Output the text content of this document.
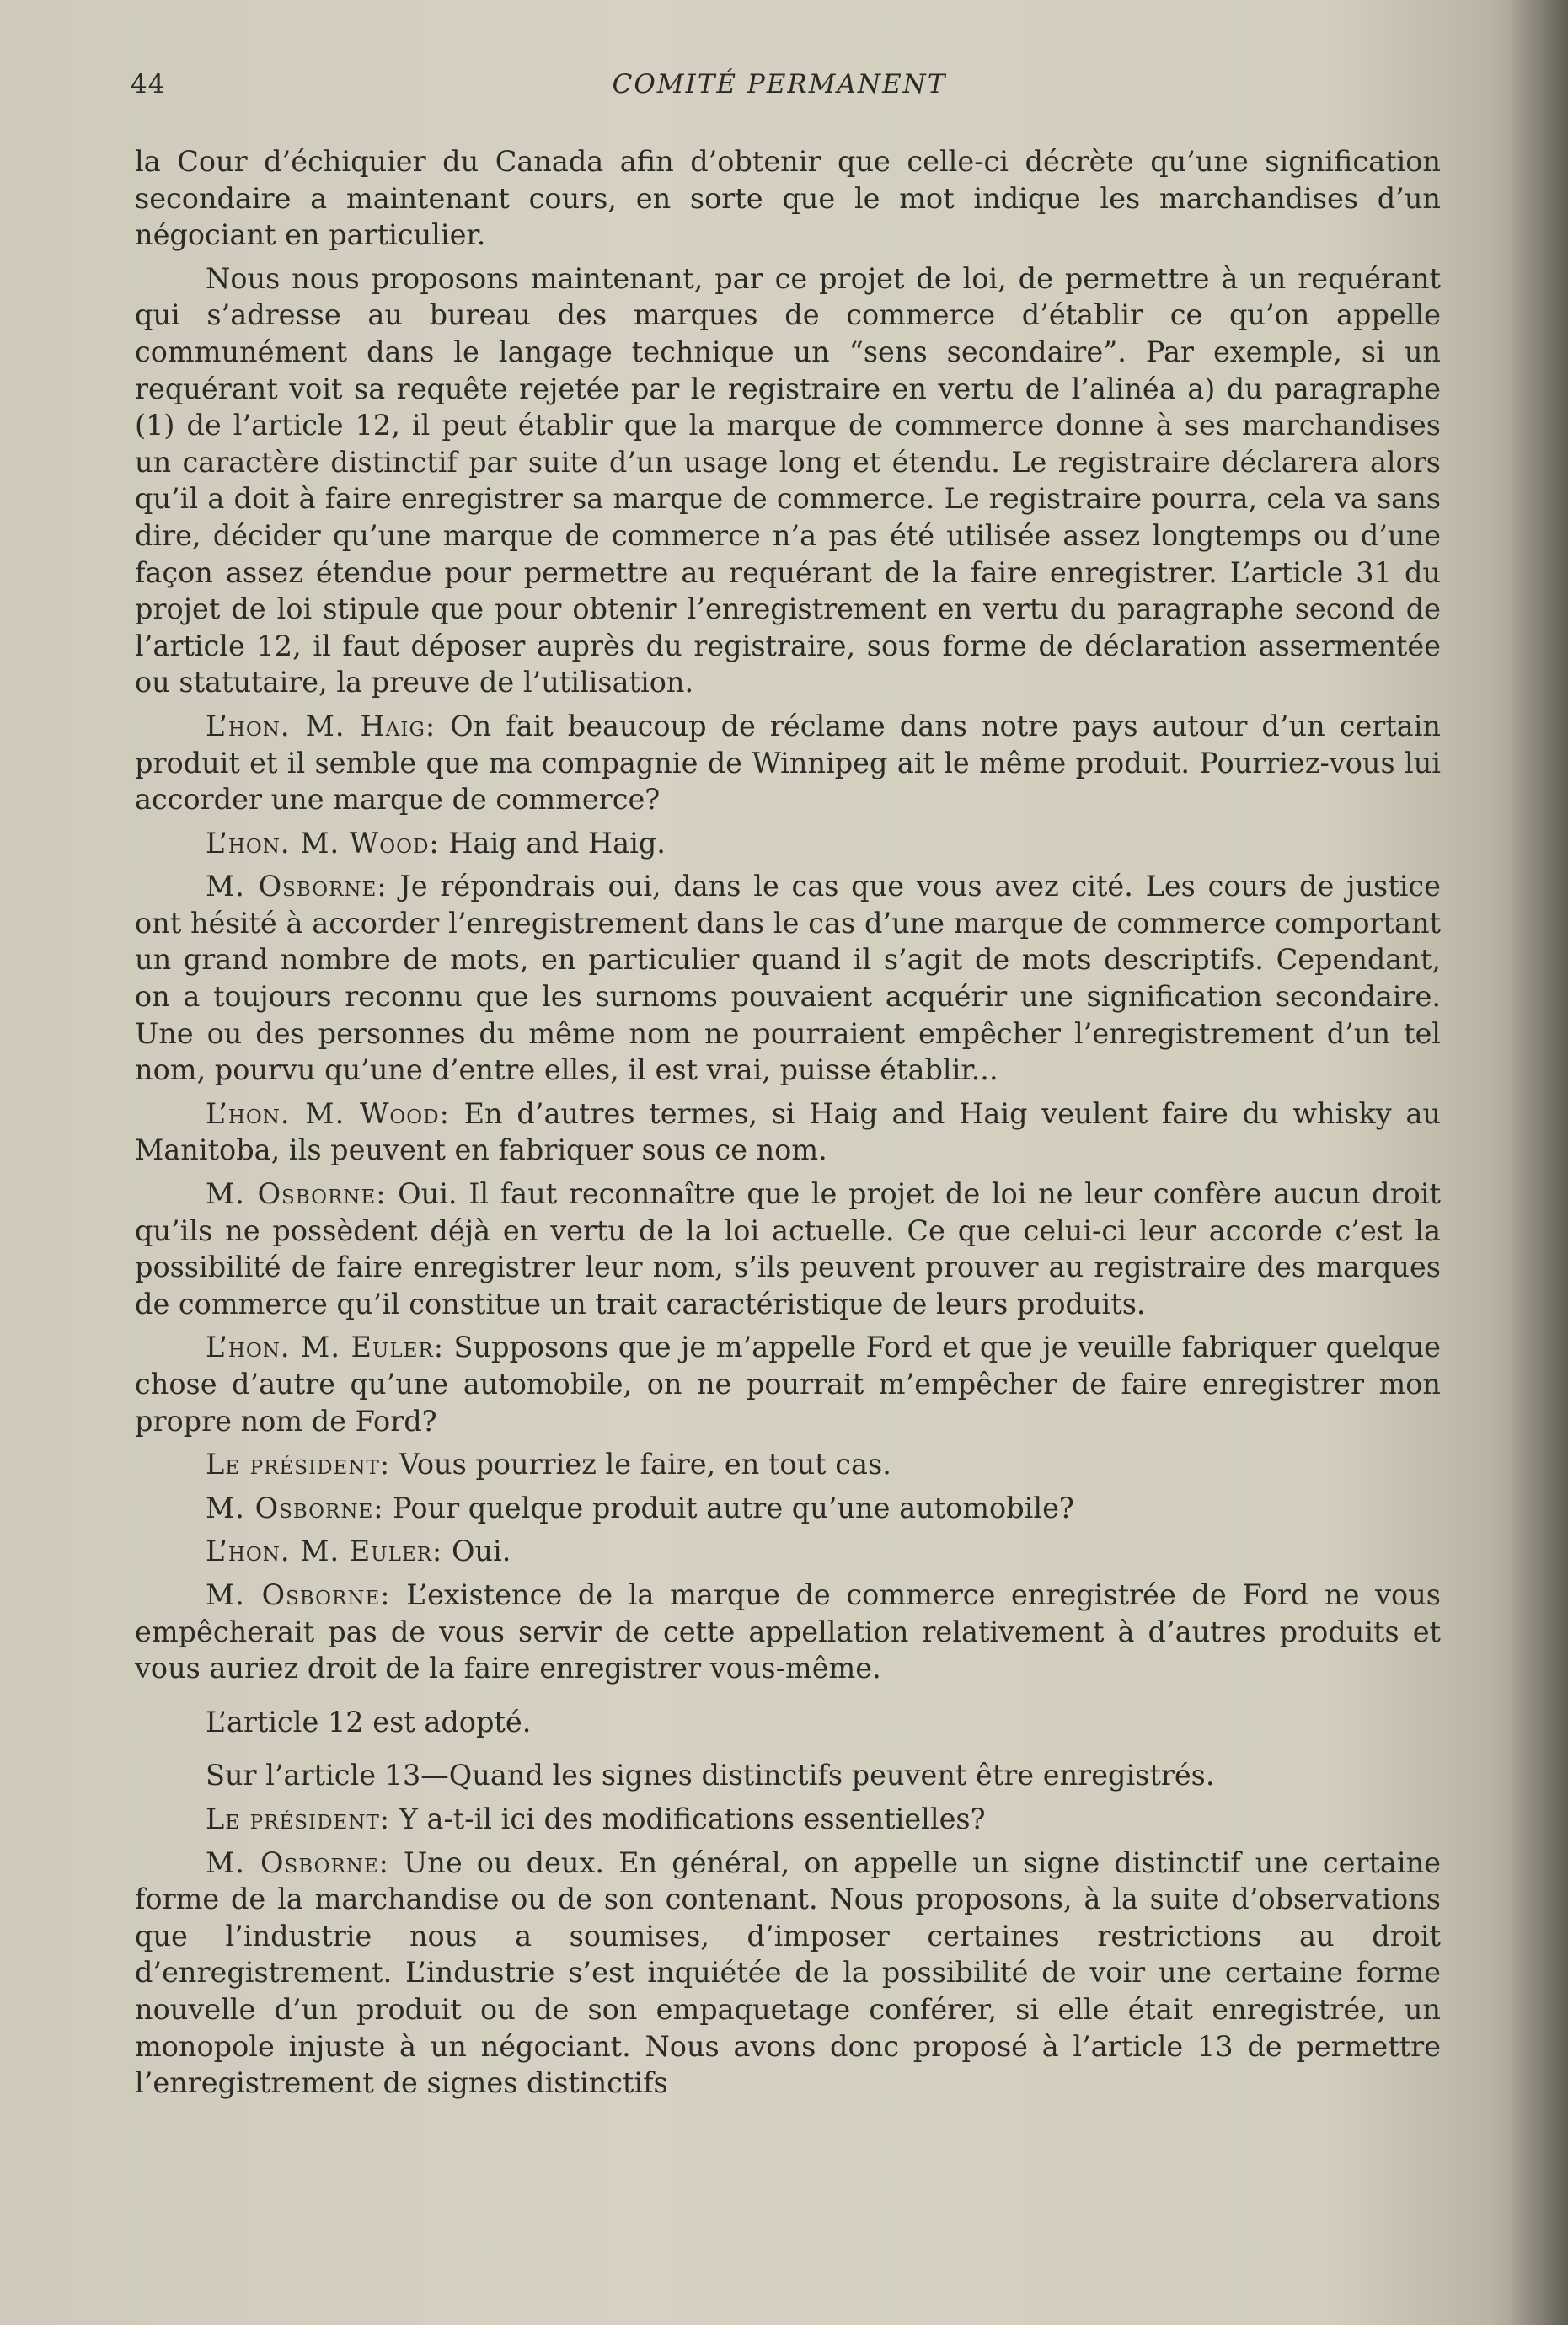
44	COMITÉ PERMANENT

la Cour d’échiquier du Canada afin d’obtenir que celle-ci décrète qu’une signification secondaire a maintenant cours, en sorte que le mot indique les marchandises d’un négociant en particulier.

Nous nous proposons maintenant, par ce projet de loi, de permettre à un requérant qui s’adresse au bureau des marques de commerce d’établir ce qu’on appelle communément dans le langage technique un “sens secondaire”. Par exemple, si un requérant voit sa requête rejetée par le registraire en vertu de l’alinéa a) du paragraphe (1) de l’article 12, il peut établir que la marque de commerce donne à ses marchandises un caractère distinctif par suite d’un usage long et étendu. Le registraire déclarera alors qu’il a doit à faire enregistrer sa marque de commerce. Le registraire pourra, cela va sans dire, décider qu’une marque de commerce n’a pas été utilisée assez longtemps ou d’une façon assez étendue pour permettre au requérant de la faire enregistrer. L’article 31 du projet de loi stipule que pour obtenir l’enregistrement en vertu du paragraphe second de l’article 12, il faut déposer auprès du registraire, sous forme de déclaration assermentée ou statutaire, la preuve de l’utilisation.

L’hon. M. Haig: On fait beaucoup de réclame dans notre pays autour d’un certain produit et il semble que ma compagnie de Winnipeg ait le même produit. Pourriez-vous lui accorder une marque de commerce?

L’hon. M. Wood: Haig and Haig.

M. Osborne: Je répondrais oui, dans le cas que vous avez cité. Les cours de justice ont hésité à accorder l’enregistrement dans le cas d’une marque de commerce comportant un grand nombre de mots, en particulier quand il s’agit de mots descriptifs. Cependant, on a toujours reconnu que les surnoms pouvaient acquérir une signification secondaire. Une ou des personnes du même nom ne pourraient empêcher l’enregistrement d’un tel nom, pourvu qu’une d’entre elles, il est vrai, puisse établir...

L’hon. M. Wood: En d’autres termes, si Haig and Haig veulent faire du whisky au Manitoba, ils peuvent en fabriquer sous ce nom.

M. Osborne: Oui. Il faut reconnaître que le projet de loi ne leur confère aucun droit qu’ils ne possèdent déjà en vertu de la loi actuelle. Ce que celui-ci leur accorde c’est la possibilité de faire enregistrer leur nom, s’ils peuvent prouver au registraire des marques de commerce qu’il constitue un trait caractéristique de leurs produits.

L’hon. M. Euler: Supposons que je m’appelle Ford et que je veuille fabriquer quelque chose d’autre qu’une automobile, on ne pourrait m’empêcher de faire enregistrer mon propre nom de Ford?

Le président: Vous pourriez le faire, en tout cas.

M. Osborne: Pour quelque produit autre qu’une automobile?

L’hon. M. Euler: Oui.

M. Osborne: L’existence de la marque de commerce enregistrée de Ford ne vous empêcherait pas de vous servir de cette appellation relativement à d’autres produits et vous auriez droit de la faire enregistrer vous-même.

L’article 12 est adopté.

Sur l’article 13—Quand les signes distinctifs peuvent être enregistrés.

Le président: Y a-t-il ici des modifications essentielles?

M. Osborne: Une ou deux. En général, on appelle un signe distinctif une certaine forme de la marchandise ou de son contenant. Nous proposons, à la suite d’observations que l’industrie nous a soumises, d’imposer certaines restrictions au droit d’enregistrement. L’industrie s’est inquiétée de la possibilité de voir une certaine forme nouvelle d’un produit ou de son empaquetage conférer, si elle était enregistrée, un monopole injuste à un négociant. Nous avons donc proposé à l’article 13 de permettre l’enregistrement de signes distinctifs
